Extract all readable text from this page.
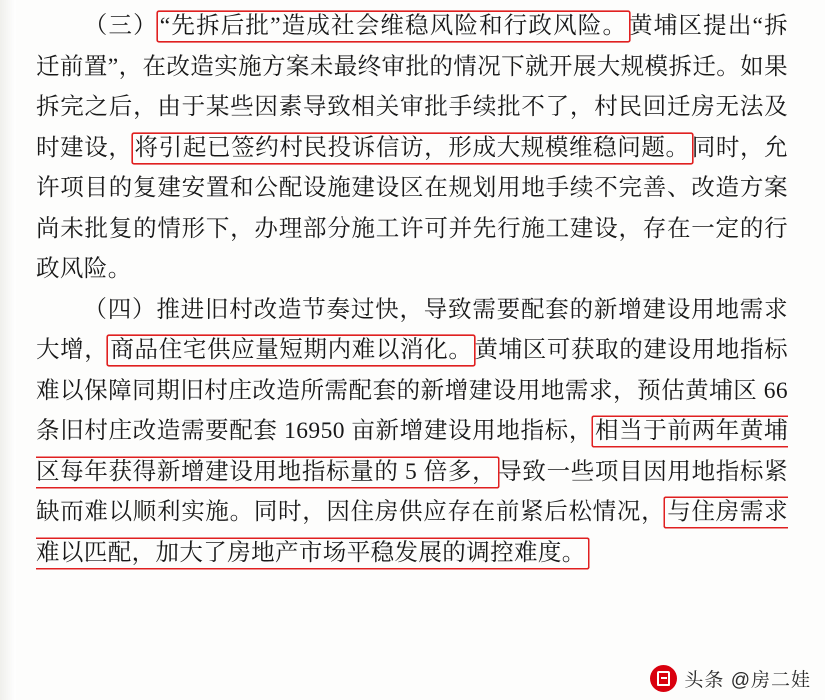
（三）“先拆后批”造成社会维稳风险和行政风险。黄埔区提出“拆迁前置”，在改造实施方案未最终审批的情况下就开展大规模拆迁。如果拆完之后，由于某些因素导致相关审批手续批不了，村民回迁房无法及时建设，将引起已签约村民投诉信访，形成大规模维稳问题。同时，允许项目的复建安置和公配设施建设区在规划用地手续不完善、改造方案尚未批复的情形下，办理部分施工许可并先行施工建设，存在一定的行政风险。

（四）推进旧村改造节奏过快，导致需要配套的新增建设用地需求大增，商品住宅供应量短期内难以消化。黄埔区可获取的建设用地指标难以保障同期旧村庄改造所需配套的新增建设用地需求，预估黄埔区 66 条旧村庄改造需要配套 16950 亩新增建设用地指标，相当于前两年黄埔区每年获得新增建设用地指标量的 5 倍多，导致一些项目因用地指标紧缺而难以顺利实施。同时，因住房供应存在前紧后松情况，与住房需求难以匹配，加大了房地产市场平稳发展的调控难度。

头条 @房二娃
